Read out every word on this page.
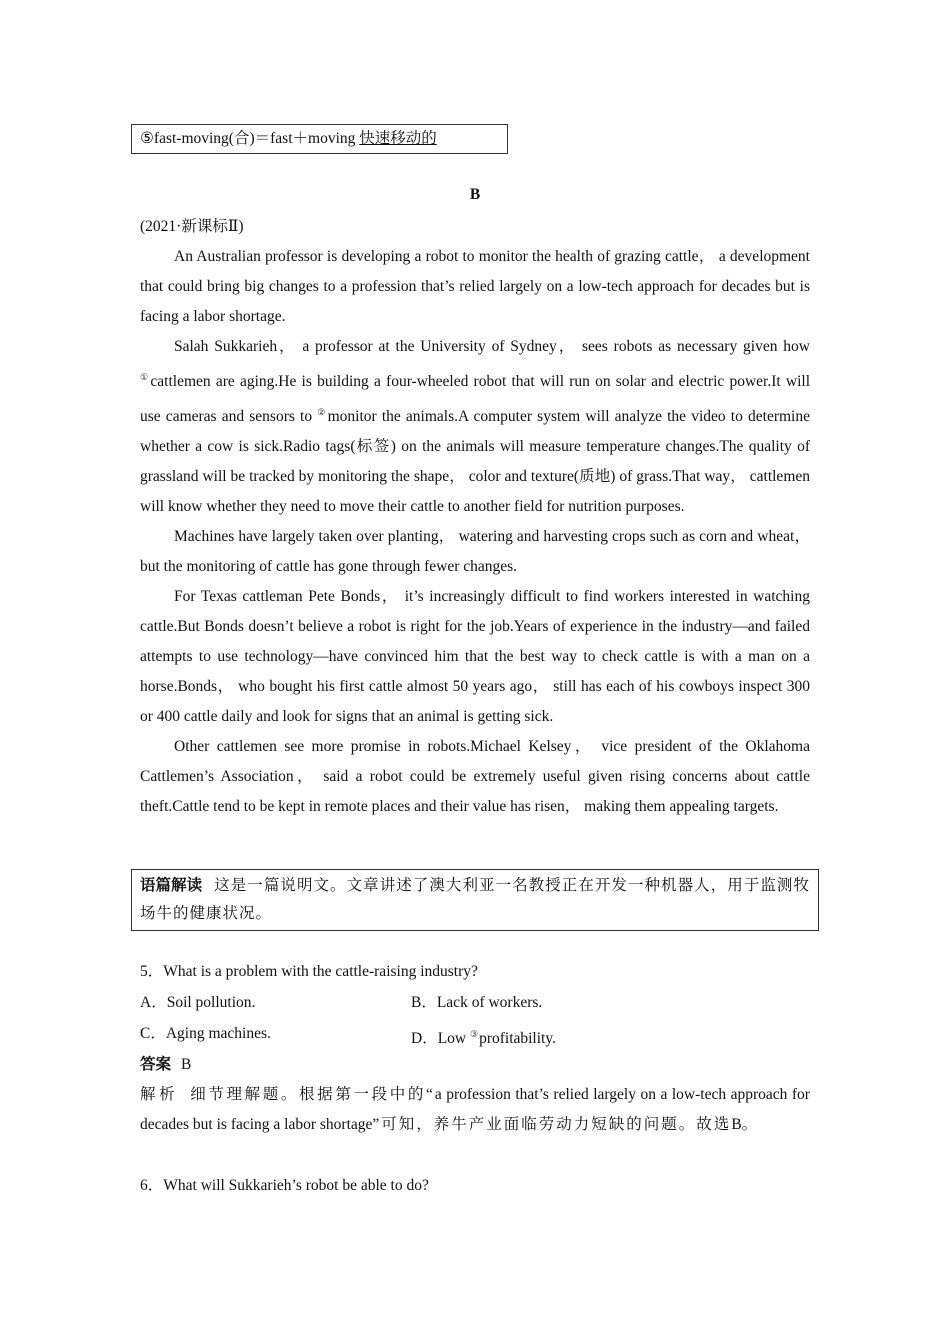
⑤fast-moving(合)＝fast＋moving 快速移动的
B
(2021·新课标Ⅱ)

An Australian professor is developing a robot to monitor the health of grazing cattle， a development that could bring big changes to a profession that’s relied largely on a low-tech approach for decades but is facing a labor shortage.

Salah Sukkarieh， a professor at the University of Sydney， sees robots as necessary given how ①cattlemen are aging.He is building a four-wheeled robot that will run on solar and electric power.It will use cameras and sensors to ②monitor the animals.A computer system will analyze the video to determine whether a cow is sick.Radio tags(标签) on the animals will measure temperature changes.The quality of grassland will be tracked by monitoring the shape， color and texture(质地) of grass.That way， cattlemen will know whether they need to move their cattle to another field for nutrition purposes.

Machines have largely taken over planting， watering and harvesting crops such as corn and wheat， but the monitoring of cattle has gone through fewer changes.

For Texas cattleman Pete Bonds， it’s increasingly difficult to find workers interested in watching cattle.But Bonds doesn’t believe a robot is right for the job.Years of experience in the industry—and failed attempts to use technology—have convinced him that the best way to check cattle is with a man on a horse.Bonds， who bought his first cattle almost 50 years ago， still has each of his cowboys inspect 300 or 400 cattle daily and look for signs that an animal is getting sick.

Other cattlemen see more promise in robots.Michael Kelsey， vice president of the Oklahoma Cattlemen’s Association， said a robot could be extremely useful given rising concerns about cattle theft.Cattle tend to be kept in remote places and their value has risen， making them appealing targets.

语篇解读 这是一篇说明文。文章讲述了澳大利亚一名教授正在开发一种机器人，用于监测牧场牛的健康状况。
5．What is a problem with the cattle-raising industry?
A．Soil pollution.	B．Lack of workers.
C．Aging machines.	D．Low ③profitability.
答案 B
解析 细节理解题。根据第一段中的“a profession that’s relied largely on a low-tech approach for decades but is facing a labor shortage”可知，养牛产业面临劳动力短缺的问题。故选B。
6．What will Sukkarieh’s robot be able to do?
